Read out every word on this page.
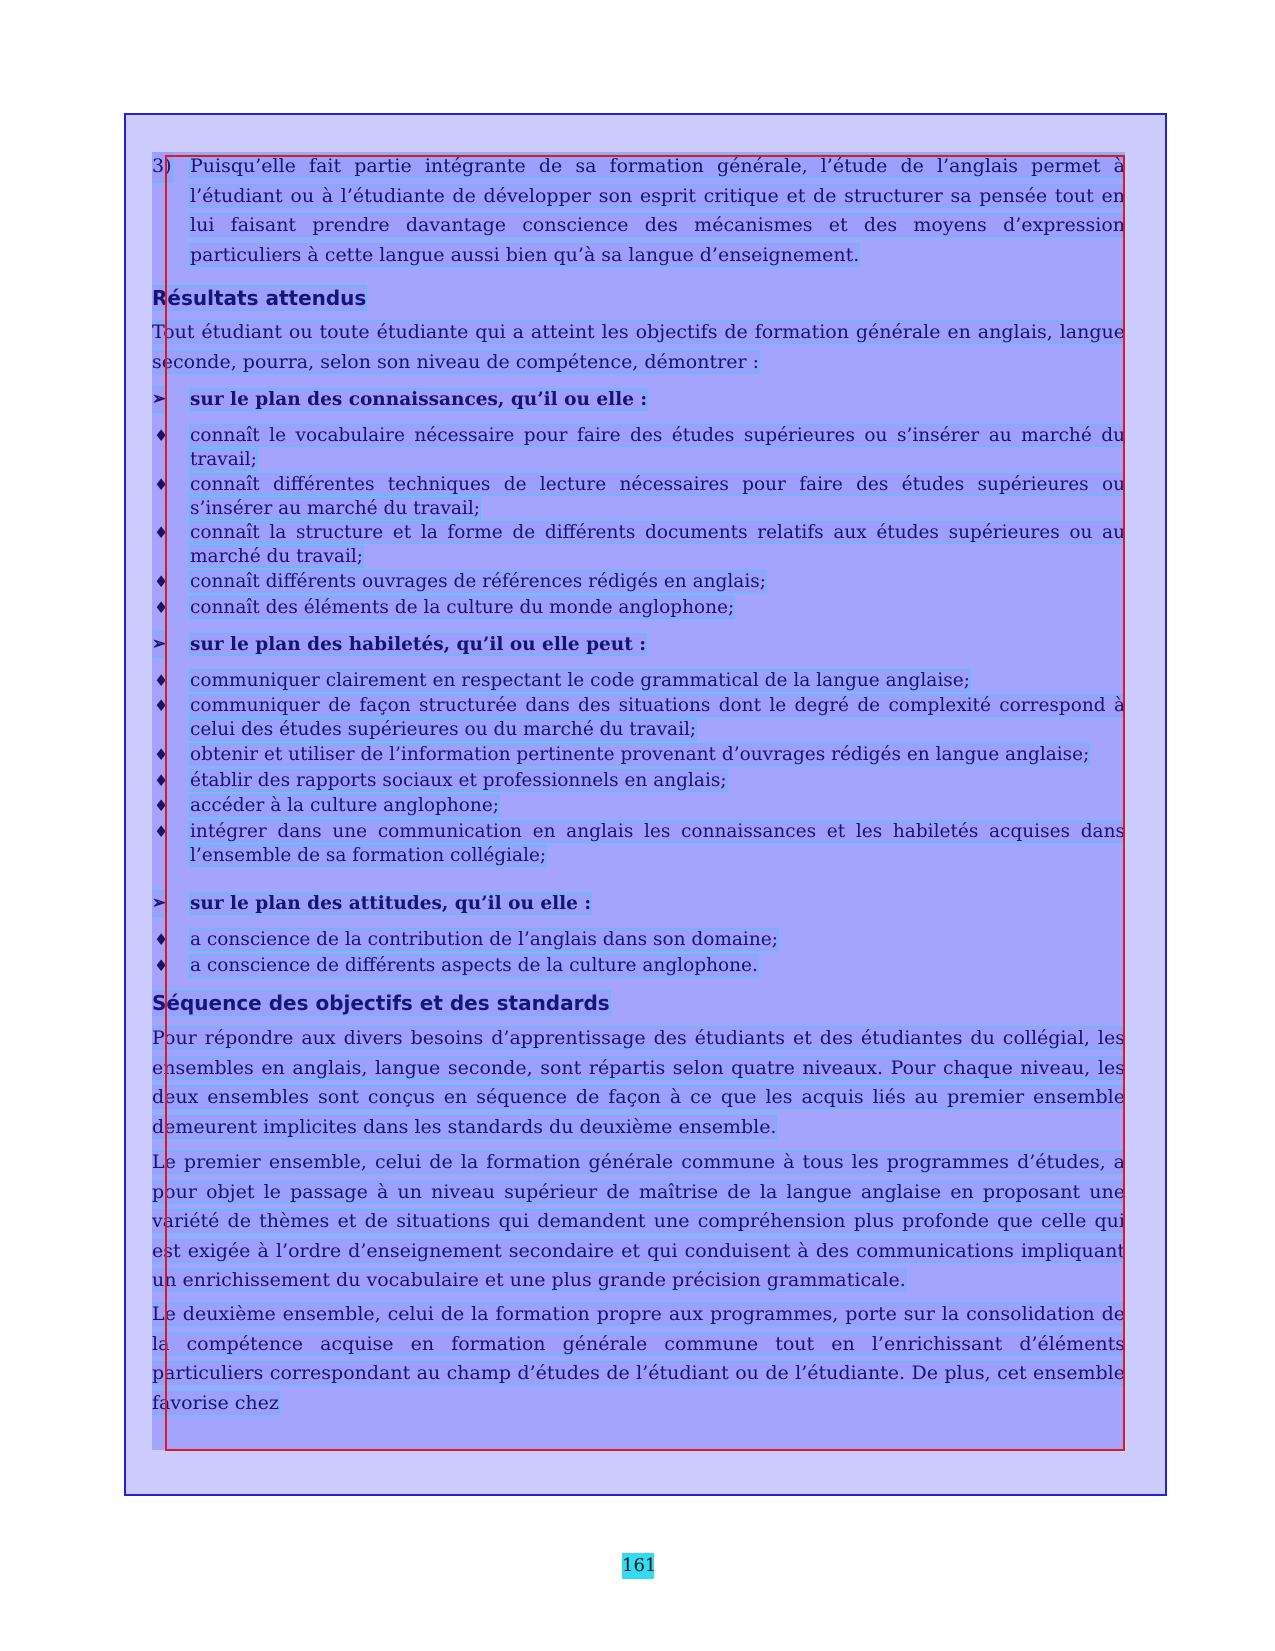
3) Puisqu’elle fait partie intégrante de sa formation générale, l’étude de l’anglais permet à l’étudiant ou à l’étudiante de développer son esprit critique et de structurer sa pensée tout en lui faisant prendre davantage conscience des mécanismes et des moyens d’expression particuliers à cette langue aussi bien qu’à sa langue d’enseignement.
Résultats attendus
Tout étudiant ou toute étudiante qui a atteint les objectifs de formation générale en anglais, langue seconde, pourra, selon son niveau de compétence, démontrer :
➢ sur le plan des connaissances, qu’il ou elle :
♦ connaît le vocabulaire nécessaire pour faire des études supérieures ou s’insérer au marché du travail;
♦ connaît différentes techniques de lecture nécessaires pour faire des études supérieures ou s’insérer au marché du travail;
♦ connaît la structure et la forme de différents documents relatifs aux études supérieures ou au marché du travail;
♦ connaît différents ouvrages de références rédigés en anglais;
♦ connaît des éléments de la culture du monde anglophone;
➢ sur le plan des habiletés, qu’il ou elle peut :
♦ communiquer clairement en respectant le code grammatical de la langue anglaise;
♦ communiquer de façon structurée dans des situations dont le degré de complexité correspond à celui des études supérieures ou du marché du travail;
♦ obtenir et utiliser de l’information pertinente provenant d’ouvrages rédigés en langue anglaise;
♦ établir des rapports sociaux et professionnels en anglais;
♦ accéder à la culture anglophone;
♦ intégrer dans une communication en anglais les connaissances et les habiletés acquises dans l’ensemble de sa formation collégiale;
➢ sur le plan des attitudes, qu’il ou elle :
♦ a conscience de la contribution de l’anglais dans son domaine;
♦ a conscience de différents aspects de la culture anglophone.
Séquence des objectifs et des standards
Pour répondre aux divers besoins d’apprentissage des étudiants et des étudiantes du collégial, les ensembles en anglais, langue seconde, sont répartis selon quatre niveaux. Pour chaque niveau, les deux ensembles sont conçus en séquence de façon à ce que les acquis liés au premier ensemble demeurent implicites dans les standards du deuxième ensemble.
Le premier ensemble, celui de la formation générale commune à tous les programmes d’études, a pour objet le passage à un niveau supérieur de maîtrise de la langue anglaise en proposant une variété de thèmes et de situations qui demandent une compréhension plus profonde que celle qui est exigée à l’ordre d’enseignement secondaire et qui conduisent à des communications impliquant un enrichissement du vocabulaire et une plus grande précision grammaticale.
Le deuxième ensemble, celui de la formation propre aux programmes, porte sur la consolidation de la compétence acquise en formation générale commune tout en l’enrichissant d’éléments particuliers correspondant au champ d’études de l’étudiant ou de l’étudiante. De plus, cet ensemble favorise chez
161
